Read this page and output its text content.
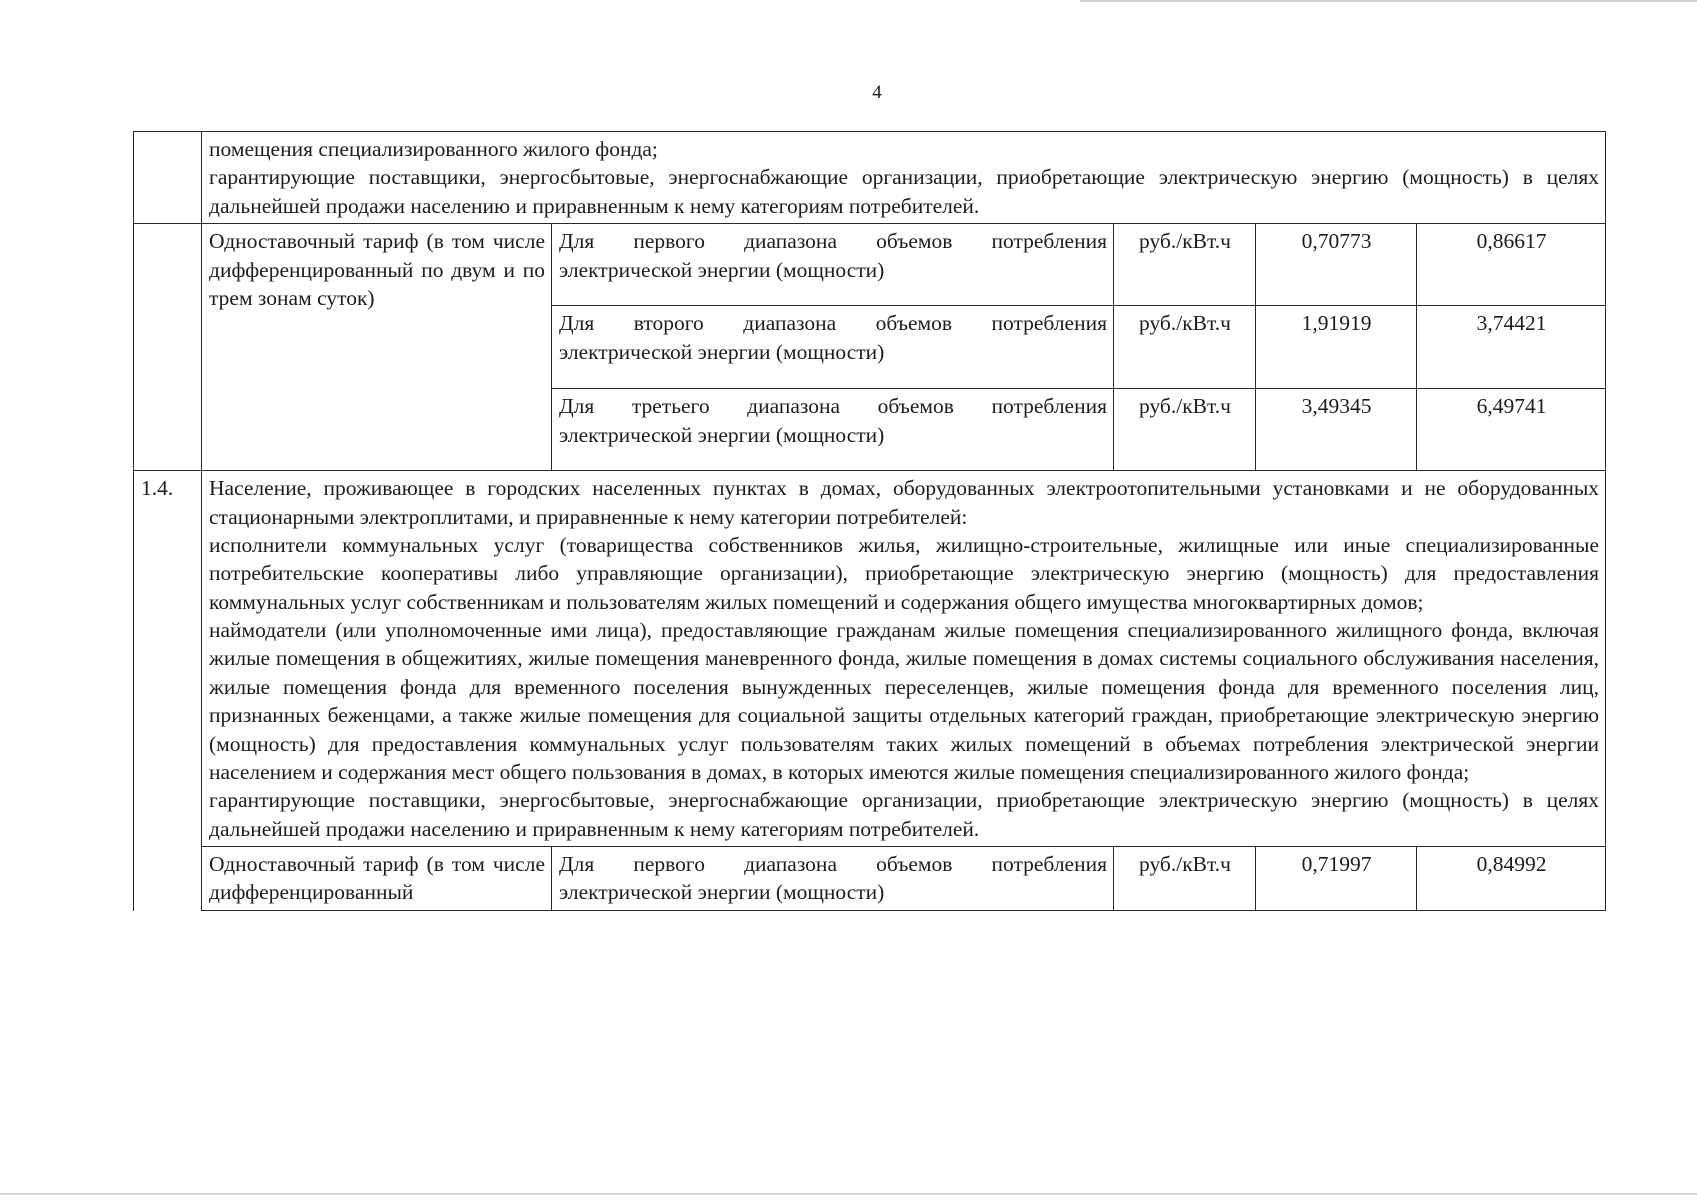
4

	помещения специализированного жилого фонда;

гарантирующие поставщики, энергосбытовые, энергоснабжающие организации, приобретающие электрическую энергию (мощность) в целях дальнейшей продажи населению и приравненным к нему категориям потребителей.				

	Одноставочный тариф (в том числе дифференцированный по двум и по трем зонам суток)	Для первого диапазона объемов потребления электрической энергии (мощности)	руб./кВт.ч	0,70773	0,86617
		Для второго диапазона объемов потребления электрической энергии (мощности)	руб./кВт.ч	1,91919	3,74421
		Для третьего диапазона объемов потребления электрической энергии (мощности)	руб./кВт.ч	3,49345	6,49741
1.4.	Население, проживающее в городских населенных пунктах в домах, оборудованных электроотопительными установками и не оборудованных стационарными электроплитами, и приравненные к нему категории потребителей:

исполнители коммунальных услуг (товарищества собственников жилья, жилищно-строительные, жилищные или иные специализированные потребительские кооперативы либо управляющие организации), приобретающие электрическую энергию (мощность) для предоставления коммунальных услуг собственникам и пользователям жилых помещений и содержания общего имущества многоквартирных домов;

наймодатели (или уполномоченные ими лица), предоставляющие гражданам жилые помещения специализированного жилищного фонда, включая жилые помещения в общежитиях, жилые помещения маневренного фонда, жилые помещения в домах системы социального обслуживания населения, жилые помещения фонда для временного поселения вынужденных переселенцев, жилые помещения фонда для временного поселения лиц, признанных беженцами, а также жилые помещения для социальной защиты отдельных категорий граждан, приобретающие электрическую энергию (мощность) для предоставления коммунальных услуг пользователям таких жилых помещений в объемах потребления электрической энергии населением и содержания мест общего пользования в домах, в которых имеются жилые помещения специализированного жилого фонда;

гарантирующие поставщики, энергосбытовые, энергоснабжающие организации, приобретающие электрическую энергию (мощность) в целях дальнейшей продажи населению и приравненным к нему категориям потребителей.				

	Одноставочный тариф (в том числе дифференцированный	Для первого диапазона объемов потребления электрической энергии (мощности)	руб./кВт.ч	0,71997	0,84992
